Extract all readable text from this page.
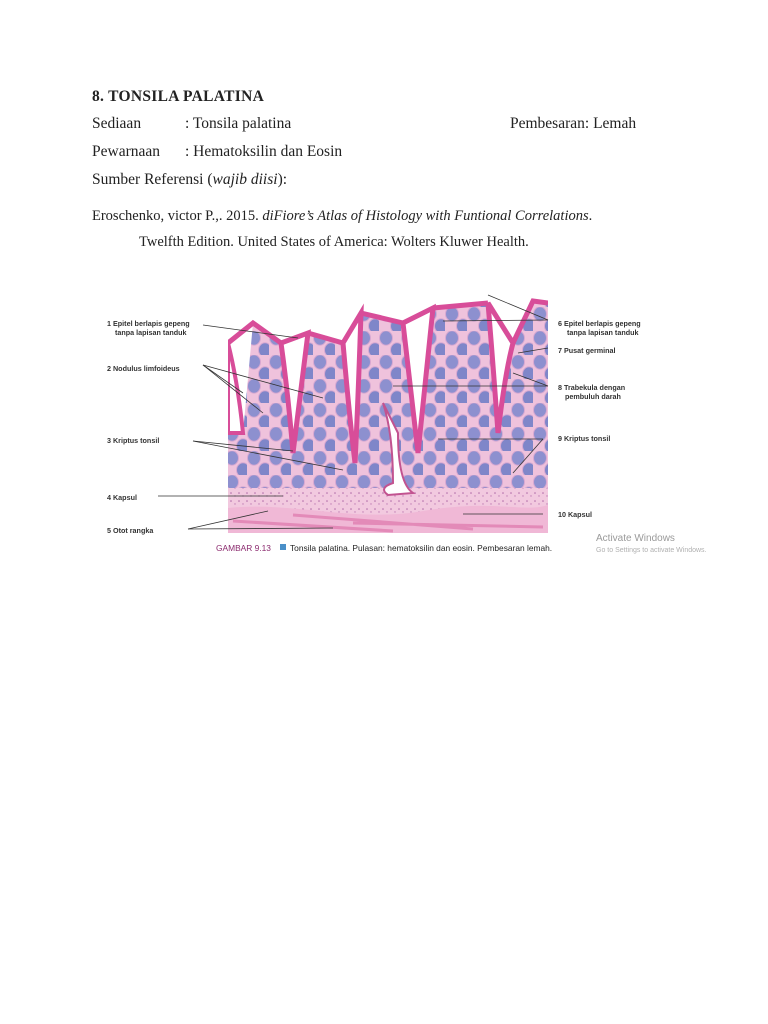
8. TONSILA PALATINA
Sediaan	: Tonsila palatina	Pembesaran: Lemah
Pewarnaan : Hematoksilin dan Eosin
Sumber Referensi (wajib diisi):
Eroschenko, victor P.,. 2015. diFiore’s Atlas of Histology with Funtional Correlations.
Twelfth Edition. United States of America: Wolters Kluwer Health.
1 Epitel berlapis gepeng
tanpa lapisan tanduk
2 Nodulus limfoideus
3 Kriptus tonsil
4 Kapsul
5 Otot rangka
6 Epitel berlapis gepeng
tanpa lapisan tanduk
7 Pusat germinal
8 Trabekula dengan
pembuluh darah
9 Kriptus tonsil
10 Kapsul
GAMBAR 9.13 Tonsila palatina. Pulasan: hematoksilin dan eosin. Pembesaran lemah.
Activate Windows
Go to Settings to activate Windows.
